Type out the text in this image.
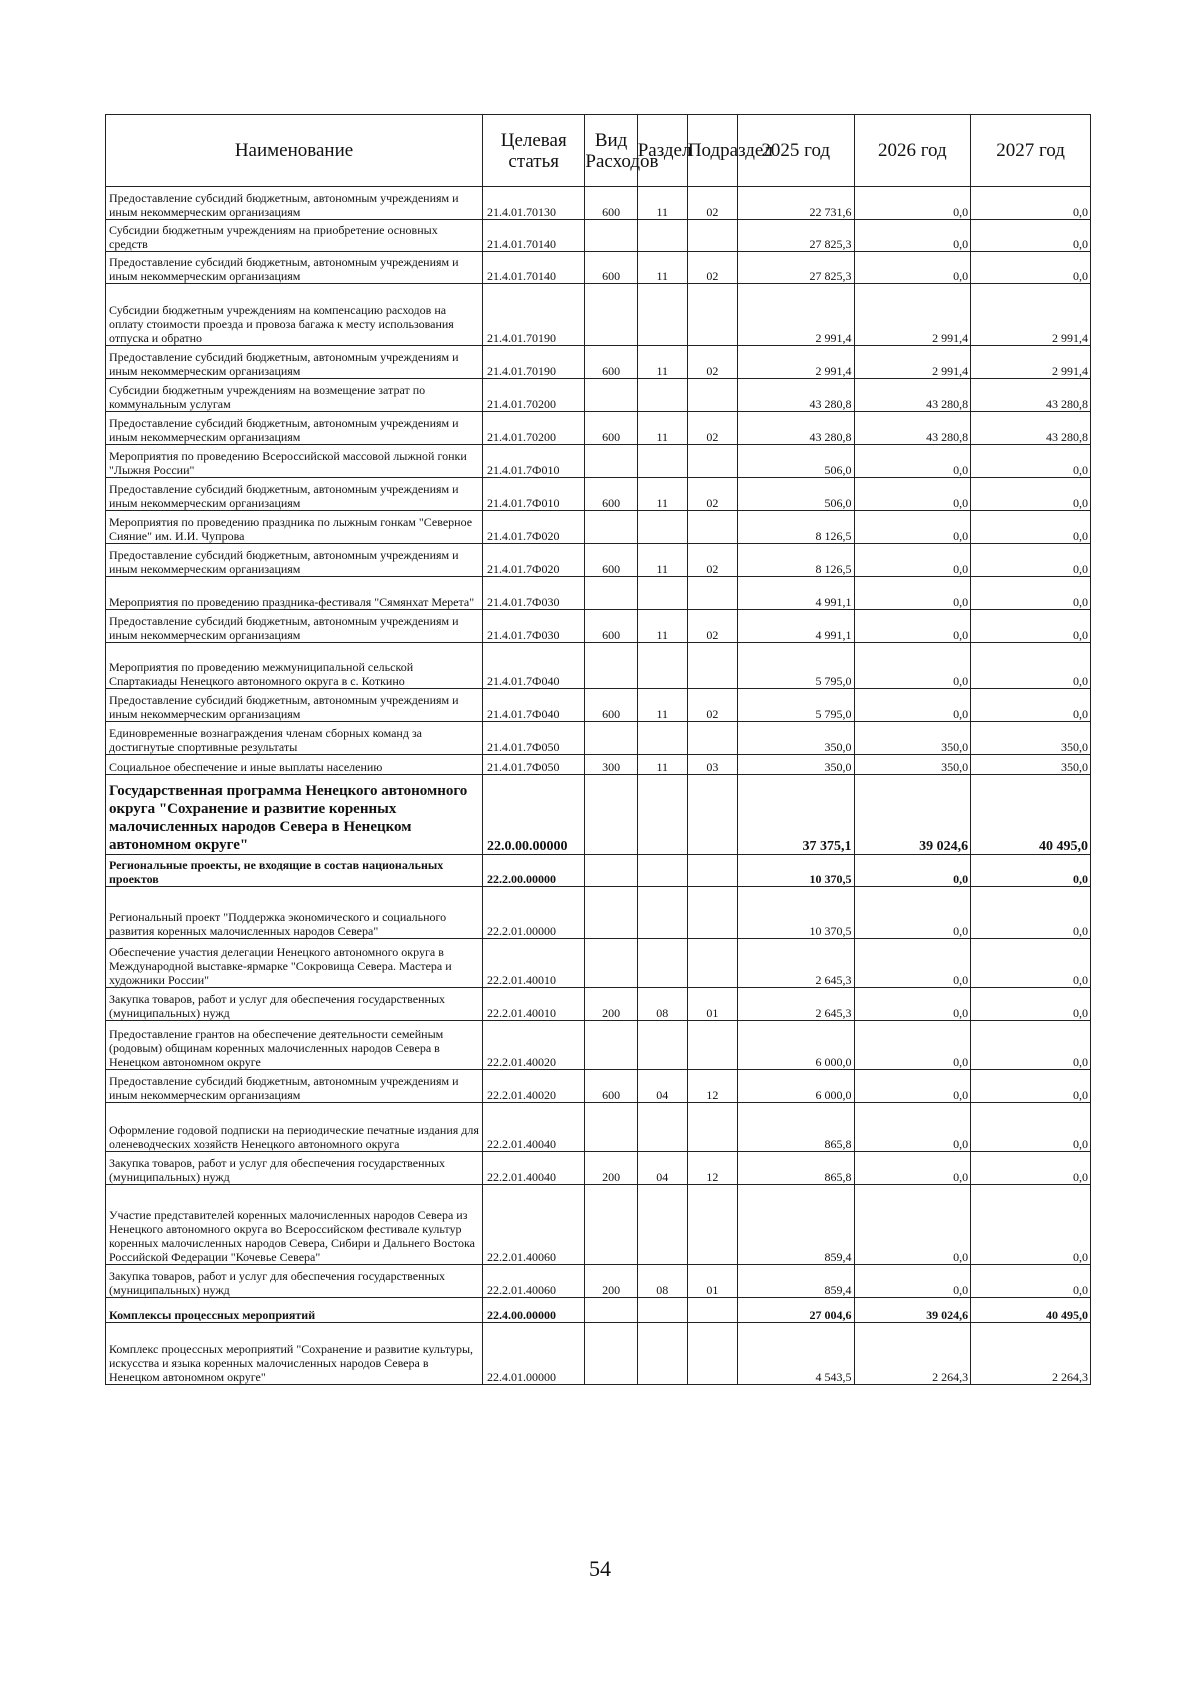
Наименование	Целевая статья	Вид Расходов	Раздел	Подраздел	2025 год	2026 год	2027 год
Предоставление субсидий бюджетным, автономным учреждениям и иным некоммерческим организациям	21.4.01.70130	600	11	02	22 731,6	0,0	0,0
Субсидии бюджетным учреждениям на приобретение основных средств	21.4.01.70140				27 825,3	0,0	0,0
Предоставление субсидий бюджетным, автономным учреждениям и иным некоммерческим организациям	21.4.01.70140	600	11	02	27 825,3	0,0	0,0
Субсидии бюджетным учреждениям на компенсацию расходов на оплату стоимости проезда и провоза багажа к месту использования отпуска и обратно	21.4.01.70190				2 991,4	2 991,4	2 991,4
Предоставление субсидий бюджетным, автономным учреждениям и иным некоммерческим организациям	21.4.01.70190	600	11	02	2 991,4	2 991,4	2 991,4
Субсидии бюджетным учреждениям на возмещение затрат по коммунальным услугам	21.4.01.70200				43 280,8	43 280,8	43 280,8
Предоставление субсидий бюджетным, автономным учреждениям и иным некоммерческим организациям	21.4.01.70200	600	11	02	43 280,8	43 280,8	43 280,8
Мероприятия по проведению Всероссийской массовой лыжной гонки "Лыжня России"	21.4.01.7Ф010				506,0	0,0	0,0
Предоставление субсидий бюджетным, автономным учреждениям и иным некоммерческим организациям	21.4.01.7Ф010	600	11	02	506,0	0,0	0,0
Мероприятия по проведению праздника по лыжным гонкам "Северное Сияние" им. И.И. Чупрова	21.4.01.7Ф020				8 126,5	0,0	0,0
Предоставление субсидий бюджетным, автономным учреждениям и иным некоммерческим организациям	21.4.01.7Ф020	600	11	02	8 126,5	0,0	0,0
Мероприятия по проведению праздника-фестиваля "Сямянхат Мерета"	21.4.01.7Ф030				4 991,1	0,0	0,0
Предоставление субсидий бюджетным, автономным учреждениям и иным некоммерческим организациям	21.4.01.7Ф030	600	11	02	4 991,1	0,0	0,0
Мероприятия по проведению межмуниципальной сельской Спартакиады Ненецкого автономного округа в с. Коткино	21.4.01.7Ф040				5 795,0	0,0	0,0
Предоставление субсидий бюджетным, автономным учреждениям и иным некоммерческим организациям	21.4.01.7Ф040	600	11	02	5 795,0	0,0	0,0
Единовременные вознаграждения членам сборных команд за достигнутые спортивные результаты	21.4.01.7Ф050				350,0	350,0	350,0
Социальное обеспечение и иные выплаты населению	21.4.01.7Ф050	300	11	03	350,0	350,0	350,0
Государственная программа Ненецкого автономного округа "Сохранение и развитие коренных малочисленных народов Севера в Ненецком автономном округе"	22.0.00.00000				37 375,1	39 024,6	40 495,0
Региональные проекты, не входящие в состав национальных проектов	22.2.00.00000				10 370,5	0,0	0,0
Региональный проект "Поддержка экономического и социального развития коренных малочисленных народов Севера"	22.2.01.00000				10 370,5	0,0	0,0
Обеспечение участия делегации Ненецкого автономного округа в Международной выставке-ярмарке "Сокровища Севера. Мастера и художники России"	22.2.01.40010				2 645,3	0,0	0,0
Закупка товаров, работ и услуг для обеспечения государственных (муниципальных) нужд	22.2.01.40010	200	08	01	2 645,3	0,0	0,0
Предоставление грантов на обеспечение деятельности семейным (родовым) общинам коренных малочисленных народов Севера в Ненецком автономном округе	22.2.01.40020				6 000,0	0,0	0,0
Предоставление субсидий бюджетным, автономным учреждениям и иным некоммерческим организациям	22.2.01.40020	600	04	12	6 000,0	0,0	0,0
Оформление годовой подписки на периодические печатные издания для оленеводческих хозяйств Ненецкого автономного округа	22.2.01.40040				865,8	0,0	0,0
Закупка товаров, работ и услуг для обеспечения государственных (муниципальных) нужд	22.2.01.40040	200	04	12	865,8	0,0	0,0
Участие представителей коренных малочисленных народов Севера из Ненецкого автономного округа во Всероссийском фестивале культур коренных малочисленных народов Севера, Сибири и Дальнего Востока Российской Федерации "Кочевье Севера"	22.2.01.40060				859,4	0,0	0,0
Закупка товаров, работ и услуг для обеспечения государственных (муниципальных) нужд	22.2.01.40060	200	08	01	859,4	0,0	0,0
Комплексы процессных мероприятий	22.4.00.00000				27 004,6	39 024,6	40 495,0
Комплекс процессных мероприятий "Сохранение и развитие культуры, искусства и языка коренных малочисленных народов Севера в Ненецком автономном округе"	22.4.01.00000				4 543,5	2 264,3	2 264,3
54
